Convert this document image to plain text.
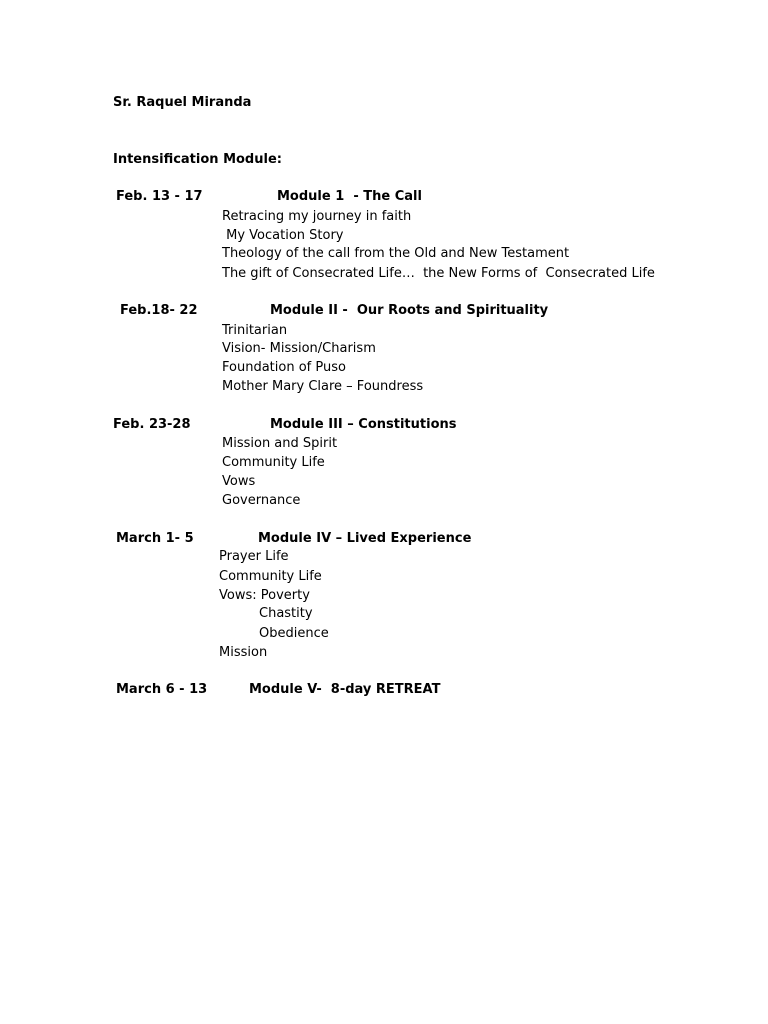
Sr. Raquel Miranda
Intensification Module:
Feb. 13 - 17	Module 1  - The Call
Retracing my journey in faith
My Vocation Story
Theology of the call from the Old and New Testament
The gift of Consecrated Life…  the New Forms of  Consecrated Life
Feb.18- 22	Module II -  Our Roots and Spirituality
Trinitarian
Vision- Mission/Charism
Foundation of Puso
Mother Mary Clare – Foundress
Feb. 23-28	Module III – Constitutions
Mission and Spirit
Community Life
Vows
Governance
March 1- 5	Module IV – Lived Experience
Prayer Life
Community Life
Vows: Poverty
Chastity
Obedience
Mission
March 6 - 13	Module V-  8-day RETREAT
